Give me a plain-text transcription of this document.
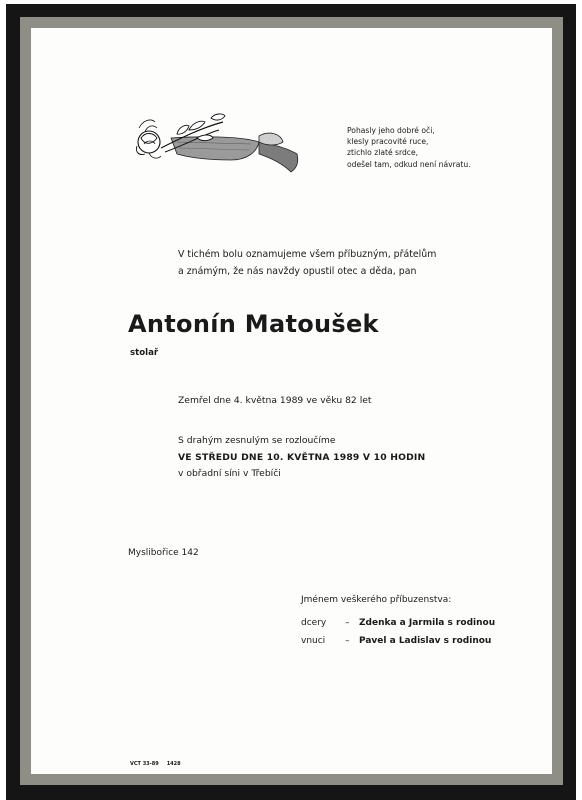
Pohasly jeho dobré oči,
klesly pracovité ruce,
ztichlo zlaté srdce,
odešel tam, odkud není návratu.
V tichém bolu oznamujeme všem příbuzným, přátelům
a známým, že nás navždy opustil otec a děda, pan
Antonín Matoušek
stolař
Zemřel dne 4. května 1989 ve věku 82 let
S drahým zesnulým se rozloučíme
VE STŘEDU DNE 10. KVĚTNA 1989 V 10 HODIN
v obřadní síni v Třebíči
Myslibořice 142
Jménem veškerého příbuzenstva:
dcery – Zdenka a Jarmila s rodinou
vnuci – Pavel a Ladislav s rodinou
VCT 33-89 1428
